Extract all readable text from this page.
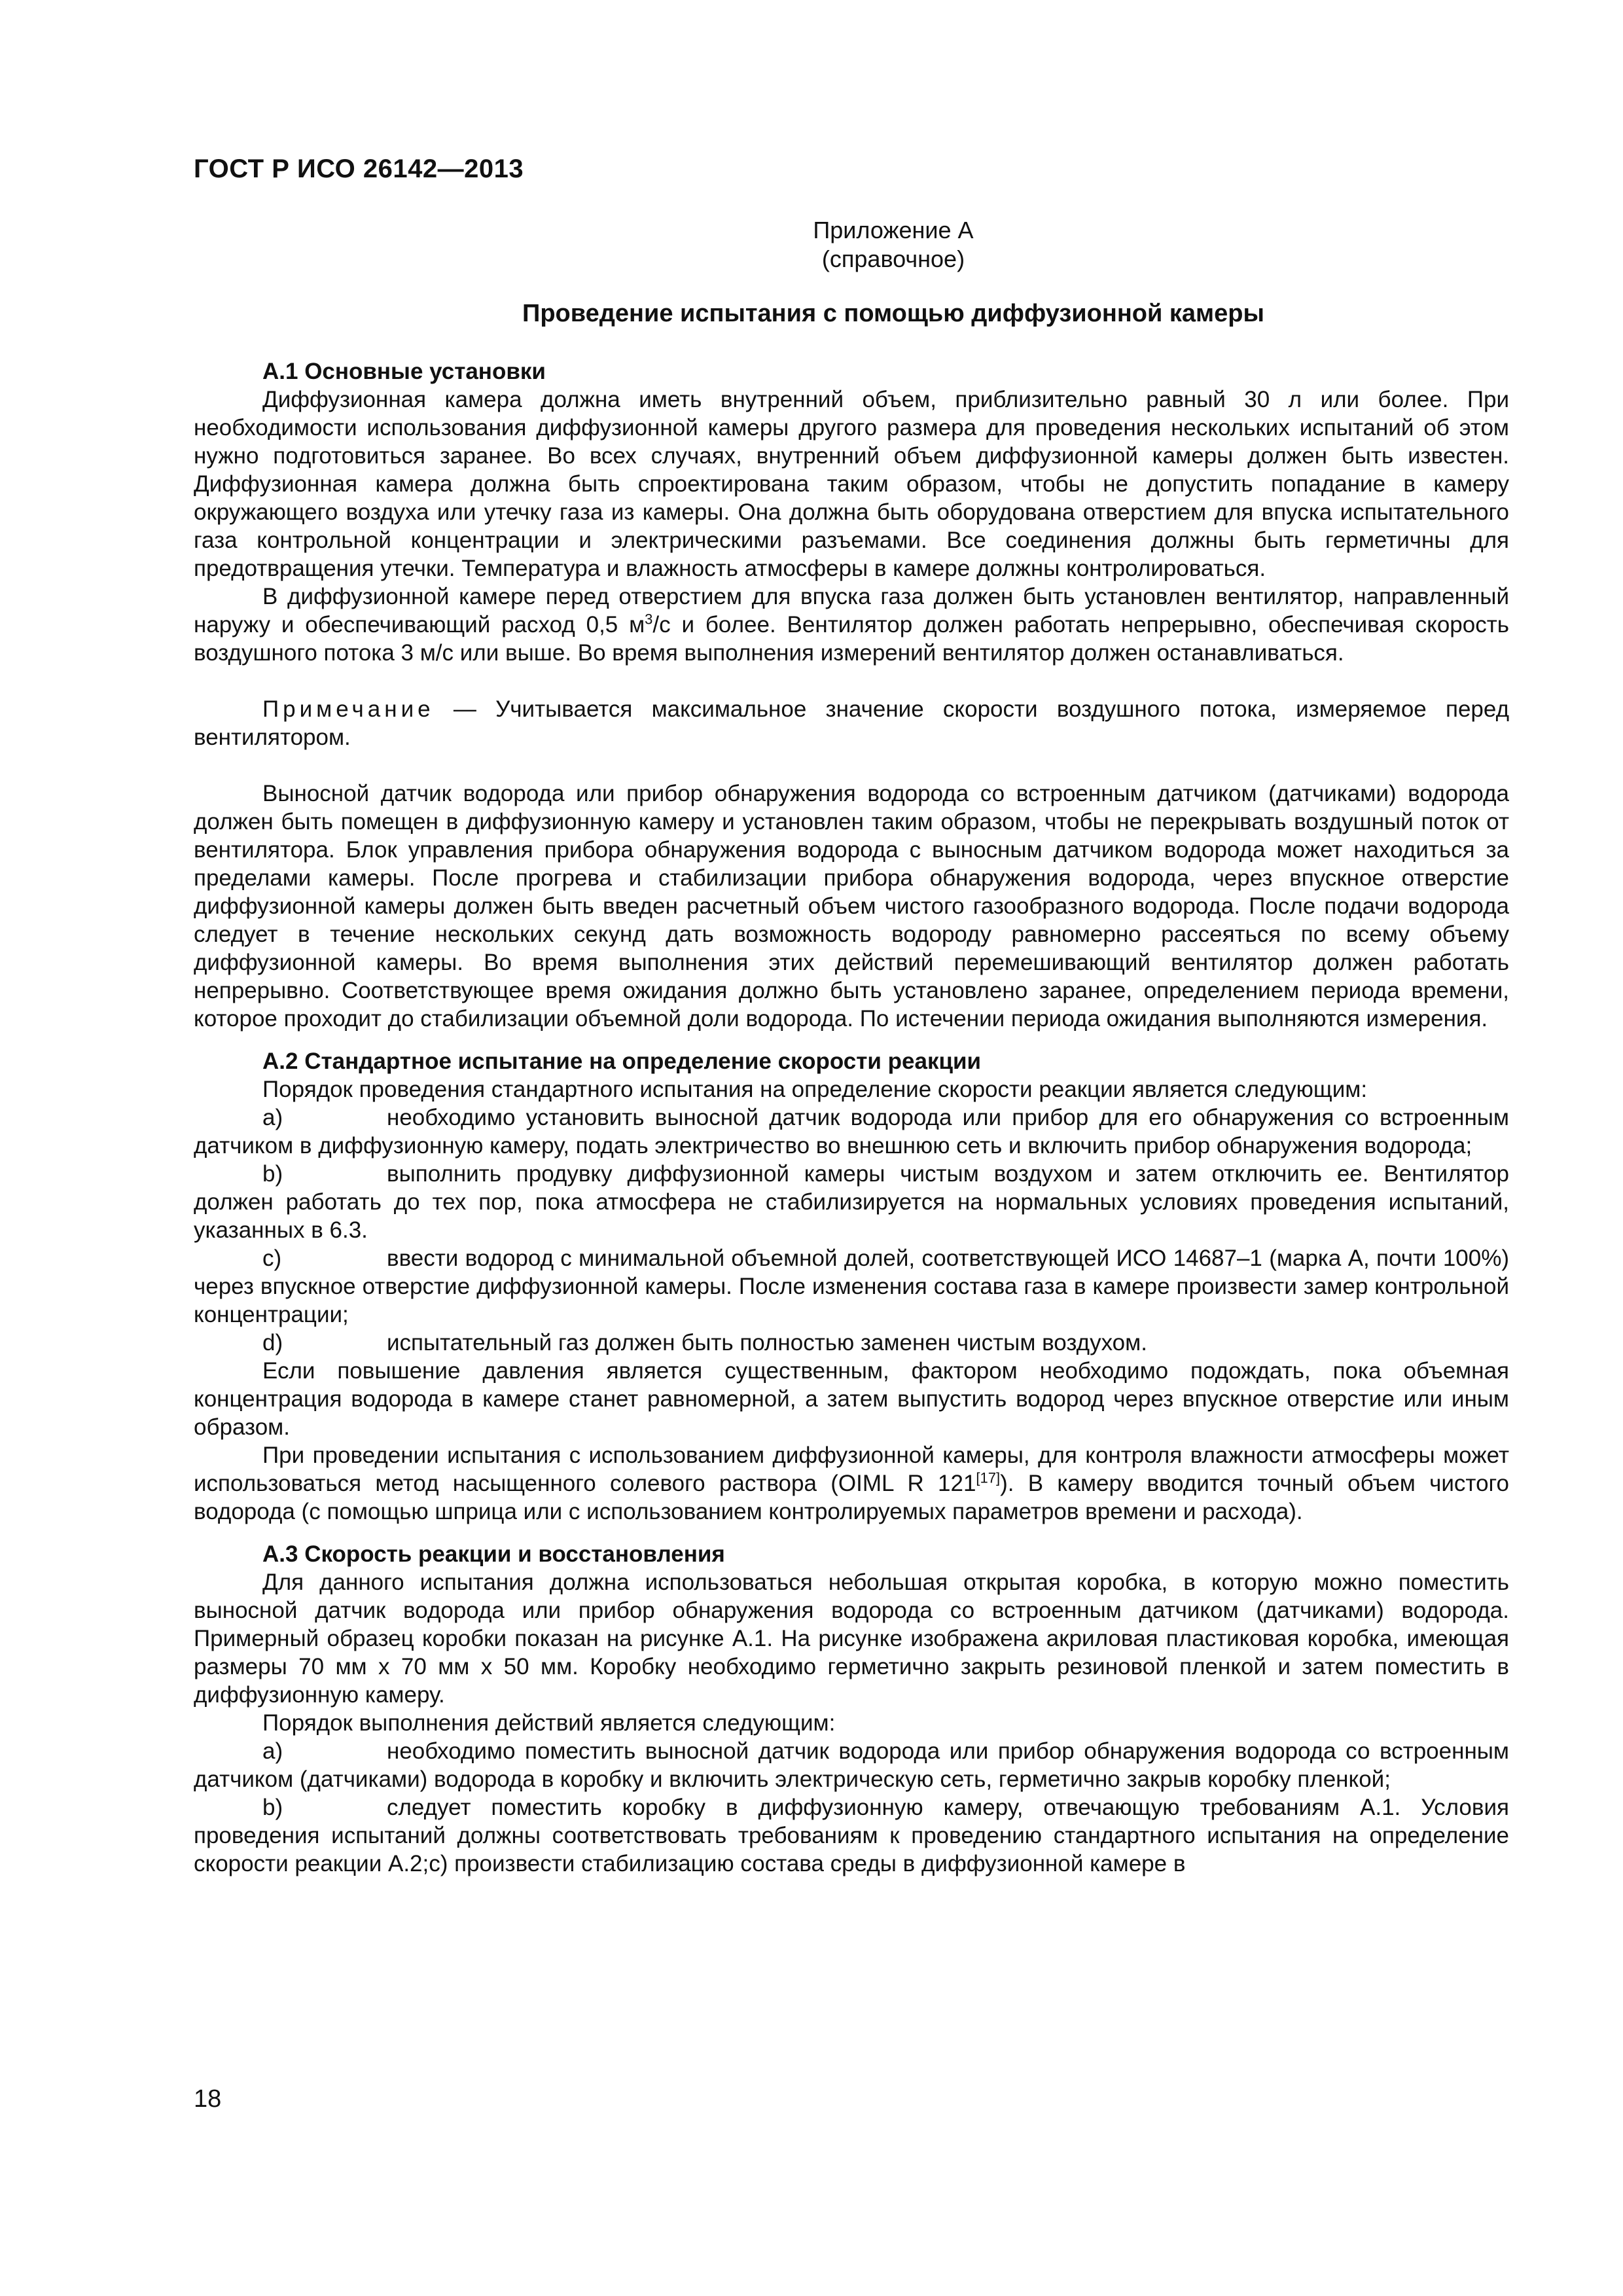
ГОСТ Р ИСО 26142—2013
Приложение А
(справочное)
Проведение испытания с помощью диффузионной камеры

А.1 Основные установки

Диффузионная камера должна иметь внутренний объем, приблизительно равный 30 л или более. При необходимости использования диффузионной камеры другого размера для проведения нескольких испытаний об этом нужно подготовиться заранее. Во всех случаях, внутренний объем диффузионной камеры должен быть известен. Диффузионная камера должна быть спроектирована таким образом, чтобы не допустить попадание в камеру окружающего воздуха или утечку газа из камеры. Она должна быть оборудована отверстием для впуска испытательного газа контрольной концентрации и электрическими разъемами. Все соединения должны быть герметичны для предотвращения утечки. Температура и влажность атмосферы в камере должны контролироваться.

В диффузионной камере перед отверстием для впуска газа должен быть установлен вентилятор, направленный наружу и обеспечивающий расход 0,5 $м^3/с$ и более. Вентилятор должен работать непрерывно, обеспечивая скорость воздушного потока 3 м/с или выше. Во время выполнения измерений вентилятор должен останавливаться.

Примечание — Учитывается максимальное значение скорости воздушного потока, измеряемое перед вентилятором.

Выносной датчик водорода или прибор обнаружения водорода со встроенным датчиком (датчиками) водорода должен быть помещен в диффузионную камеру и установлен таким образом, чтобы не перекрывать воздушный поток от вентилятора. Блок управления прибора обнаружения водорода с выносным датчиком водорода может находиться за пределами камеры. После прогрева и стабилизации прибора обнаружения водорода, через впускное отверстие диффузионной камеры должен быть введен расчетный объем чистого газообразного водорода. После подачи водорода следует в течение нескольких секунд дать возможность водороду равномерно рассеяться по всему объему диффузионной камеры. Во время выполнения этих действий перемешивающий вентилятор должен работать непрерывно. Соответствующее время ожидания должно быть установлено заранее, определением периода времени, которое проходит до стабилизации объемной доли водорода. По истечении периода ожидания выполняются измерения.

А.2 Стандартное испытание на определение скорости реакции

Порядок проведения стандартного испытания на определение скорости реакции является следующим:

a)	необходимо установить выносной датчик водорода или прибор для его обнаружения со встроенным датчиком в диффузионную камеру, подать электричество во внешнюю сеть и включить прибор обнаружения водорода;

b)	выполнить продувку диффузионной камеры чистым воздухом и затем отключить ее. Вентилятор должен работать до тех пор, пока атмосфера не стабилизируется на нормальных условиях проведения испытаний, указанных в 6.3.

c)	ввести водород с минимальной объемной долей, соответствующей ИСО 14687–1 (марка А, почти 100%) через впускное отверстие диффузионной камеры. После изменения состава газа в камере произвести замер контрольной концентрации;

d)	испытательный газ должен быть полностью заменен чистым воздухом.

Если повышение давления является существенным, фактором необходимо подождать, пока объемная концентрация водорода в камере станет равномерной, а затем выпустить водород через впускное отверстие или иным образом.

При проведении испытания с использованием диффузионной камеры, для контроля влажности атмосферы может использоваться метод насыщенного солевого раствора (OIML R 121[17]). В камеру вводится точный объем чистого водорода (с помощью шприца или с использованием контролируемых параметров времени и расхода).

А.3 Скорость реакции и восстановления

Для данного испытания должна использоваться небольшая открытая коробка, в которую можно поместить выносной датчик водорода или прибор обнаружения водорода со встроенным датчиком (датчиками) водорода. Примерный образец коробки показан на рисунке А.1. На рисунке изображена акриловая пластиковая коробка, имеющая размеры 70 мм х 70 мм х 50 мм. Коробку необходимо герметично закрыть резиновой пленкой и затем поместить в диффузионную камеру.

Порядок выполнения действий является следующим:

a)	необходимо поместить выносной датчик водорода или прибор обнаружения водорода со встроенным датчиком (датчиками) водорода в коробку и включить электрическую сеть, герметично закрыв коробку пленкой;

b)	следует поместить коробку в диффузионную камеру, отвечающую требованиям А.1. Условия проведения испытаний должны соответствовать требованиям к проведению стандартного испытания на определение скорости реакции А.2;c) произвести стабилизацию состава среды в диффузионной камере в

18
